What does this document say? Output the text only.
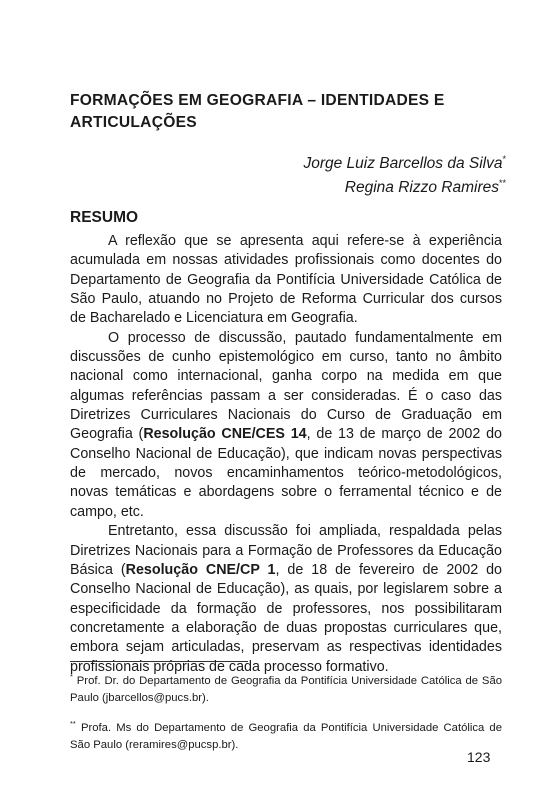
FORMAÇÕES EM GEOGRAFIA – IDENTIDADES E ARTICULAÇÕES
Jorge Luiz Barcellos da Silva*
Regina Rizzo Ramires**
RESUMO

A reflexão que se apresenta aqui refere-se à experiência acumulada em nossas atividades profissionais como docentes do Departamento de Geografia da Pontifícia Universidade Católica de São Paulo, atuando no Projeto de Reforma Curricular dos cursos de Bacharelado e Licenciatura em Geografia.

O processo de discussão, pautado fundamentalmente em discussões de cunho epistemológico em curso, tanto no âmbito nacional como internacional, ganha corpo na medida em que algumas referências passam a ser consideradas. É o caso das Diretrizes Curriculares Nacionais do Curso de Graduação em Geografia (Resolução CNE/CES 14, de 13 de março de 2002 do Conselho Nacional de Educação), que indicam novas perspectivas de mercado, novos encaminhamentos teórico-metodológicos, novas temáticas e abordagens sobre o ferramental técnico e de campo, etc.

Entretanto, essa discussão foi ampliada, respaldada pelas Diretrizes Nacionais para a Formação de Professores da Educação Básica (Resolução CNE/CP 1, de 18 de fevereiro de 2002 do Conselho Nacional de Educação), as quais, por legislarem sobre a especificidade da formação de professores, nos possibilitaram concretamente a elaboração de duas propostas curriculares que, embora sejam articuladas, preservam as respectivas identidades profissionais próprias de cada processo formativo.

* Prof. Dr. do Departamento de Geografia da Pontifícia Universidade Católica de São Paulo (jbarcellos@pucs.br).

** Profa. Ms do Departamento de Geografia da Pontifícia Universidade Católica de São Paulo (reramires@pucsp.br).

123
